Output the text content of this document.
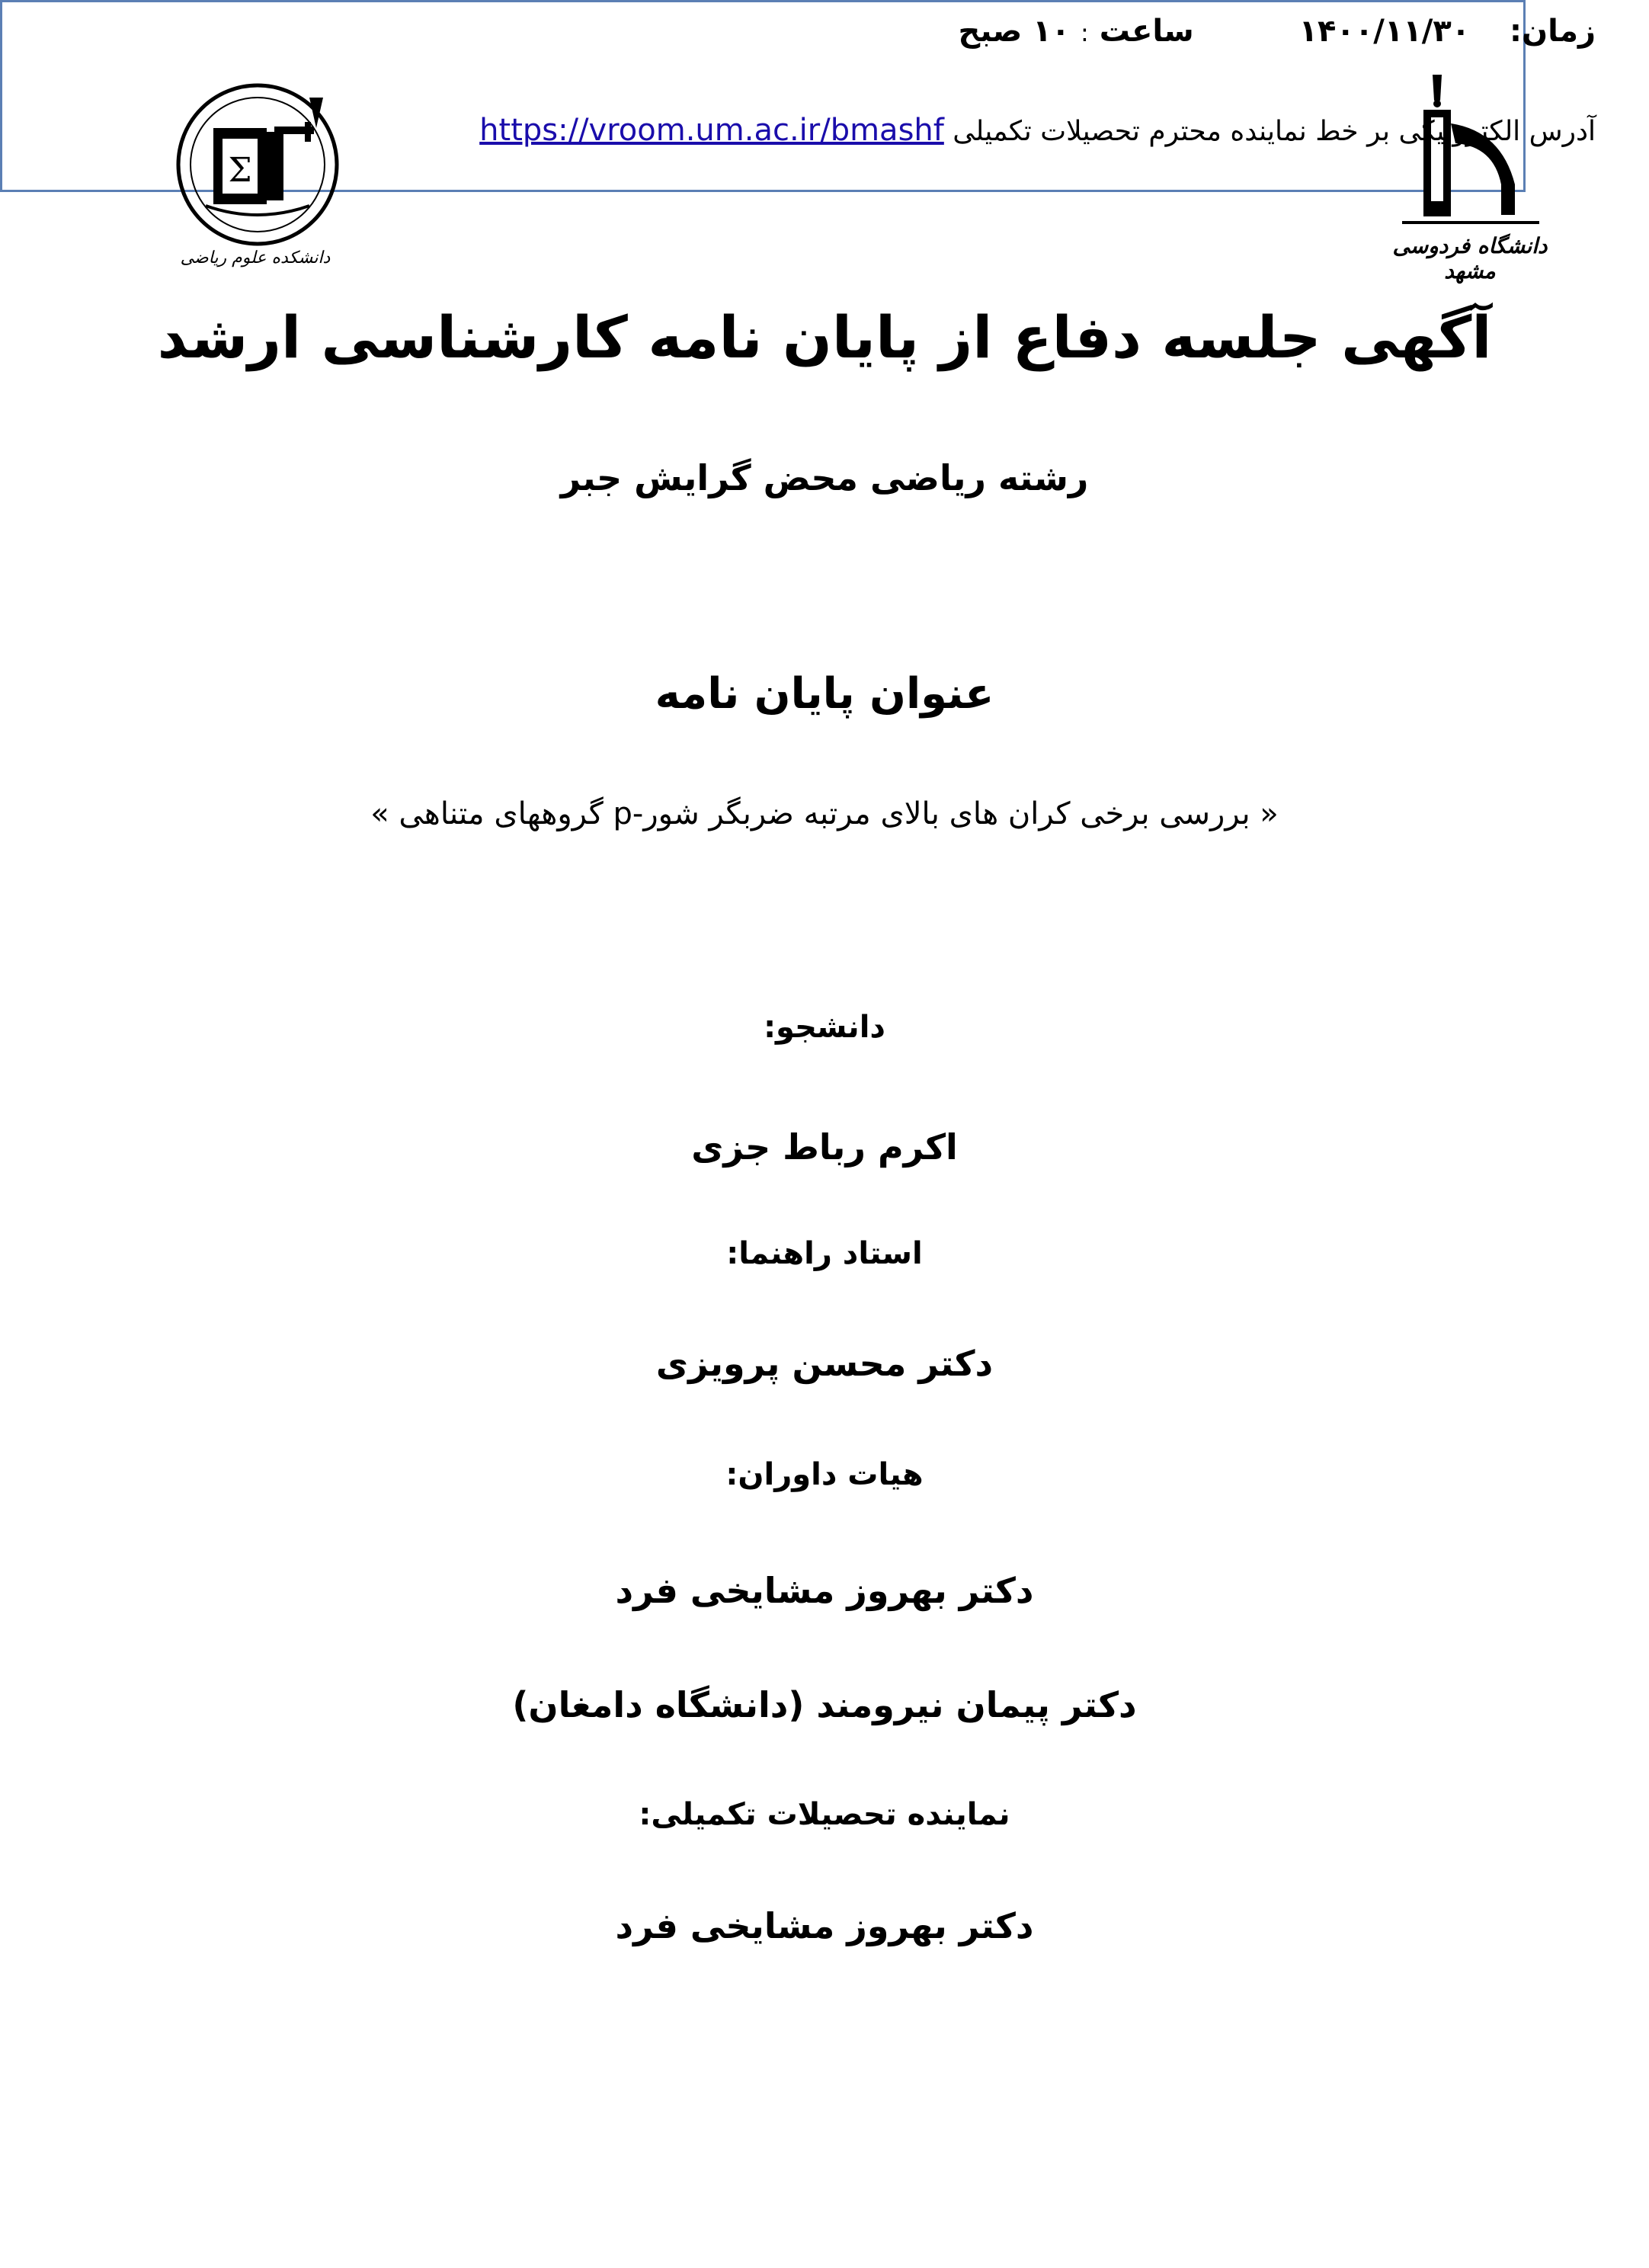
Σ
دانشکده علوم ریاضی	دانشگاه فردوسی مشهد
آگهی جلسه دفاع از پایان نامه کارشناسی ارشد
رشته ریاضی محض گرایش جبر
عنوان پایان نامه
« بررسی برخی کران های بالای مرتبه ضربگر شور-p گروههای متناهی »
دانشجو:
اکرم رباط جزی
استاد راهنما:
دکتر محسن پرویزی
هیات داوران:
دکتر بهروز مشایخی فرد
دکتر پیمان نیرومند (دانشگاه دامغان)
نماینده تحصیلات تکمیلی:
دکتر بهروز مشایخی فرد
زمان:  ۱۴۰۰/۱۱/۳۰  ساعت : ۱۰ صبح
آدرس الکترونیکی بر خط نماینده محترم تحصیلات تکمیلی https://vroom.um.ac.ir/bmashf
